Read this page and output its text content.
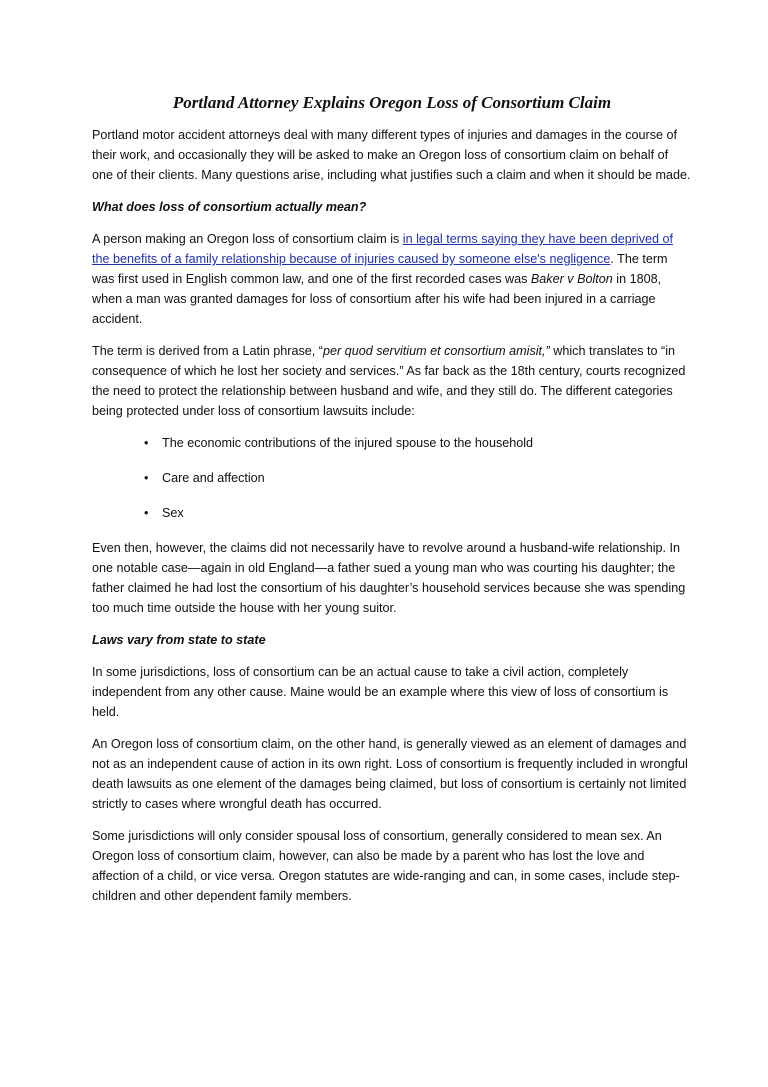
Portland Attorney Explains Oregon Loss of Consortium Claim

Portland motor accident attorneys deal with many different types of injuries and damages in the course of their work, and occasionally they will be asked to make an Oregon loss of consortium claim on behalf of one of their clients. Many questions arise, including what justifies such a claim and when it should be made.

What does loss of consortium actually mean?

A person making an Oregon loss of consortium claim is in legal terms saying they have been deprived of the benefits of a family relationship because of injuries caused by someone else's negligence. The term was first used in English common law, and one of the first recorded cases was Baker v Bolton in 1808, when a man was granted damages for loss of consortium after his wife had been injured in a carriage accident.

The term is derived from a Latin phrase, “per quod servitium et consortium amisit,” which translates to “in consequence of which he lost her society and services.” As far back as the 18th century, courts recognized the need to protect the relationship between husband and wife, and they still do. The different categories being protected under loss of consortium lawsuits include:

• The economic contributions of the injured spouse to the household
• Care and affection
• Sex

Even then, however, the claims did not necessarily have to revolve around a husband-wife relationship. In one notable case—again in old England—a father sued a young man who was courting his daughter; the father claimed he had lost the consortium of his daughter’s household services because she was spending too much time outside the house with her young suitor.

Laws vary from state to state

In some jurisdictions, loss of consortium can be an actual cause to take a civil action, completely independent from any other cause. Maine would be an example where this view of loss of consortium is held.

An Oregon loss of consortium claim, on the other hand, is generally viewed as an element of damages and not as an independent cause of action in its own right. Loss of consortium is frequently included in wrongful death lawsuits as one element of the damages being claimed, but loss of consortium is certainly not limited strictly to cases where wrongful death has occurred.

Some jurisdictions will only consider spousal loss of consortium, generally considered to mean sex. An Oregon loss of consortium claim, however, can also be made by a parent who has lost the love and affection of a child, or vice versa. Oregon statutes are wide-ranging and can, in some cases, include step-children and other dependent family members.
